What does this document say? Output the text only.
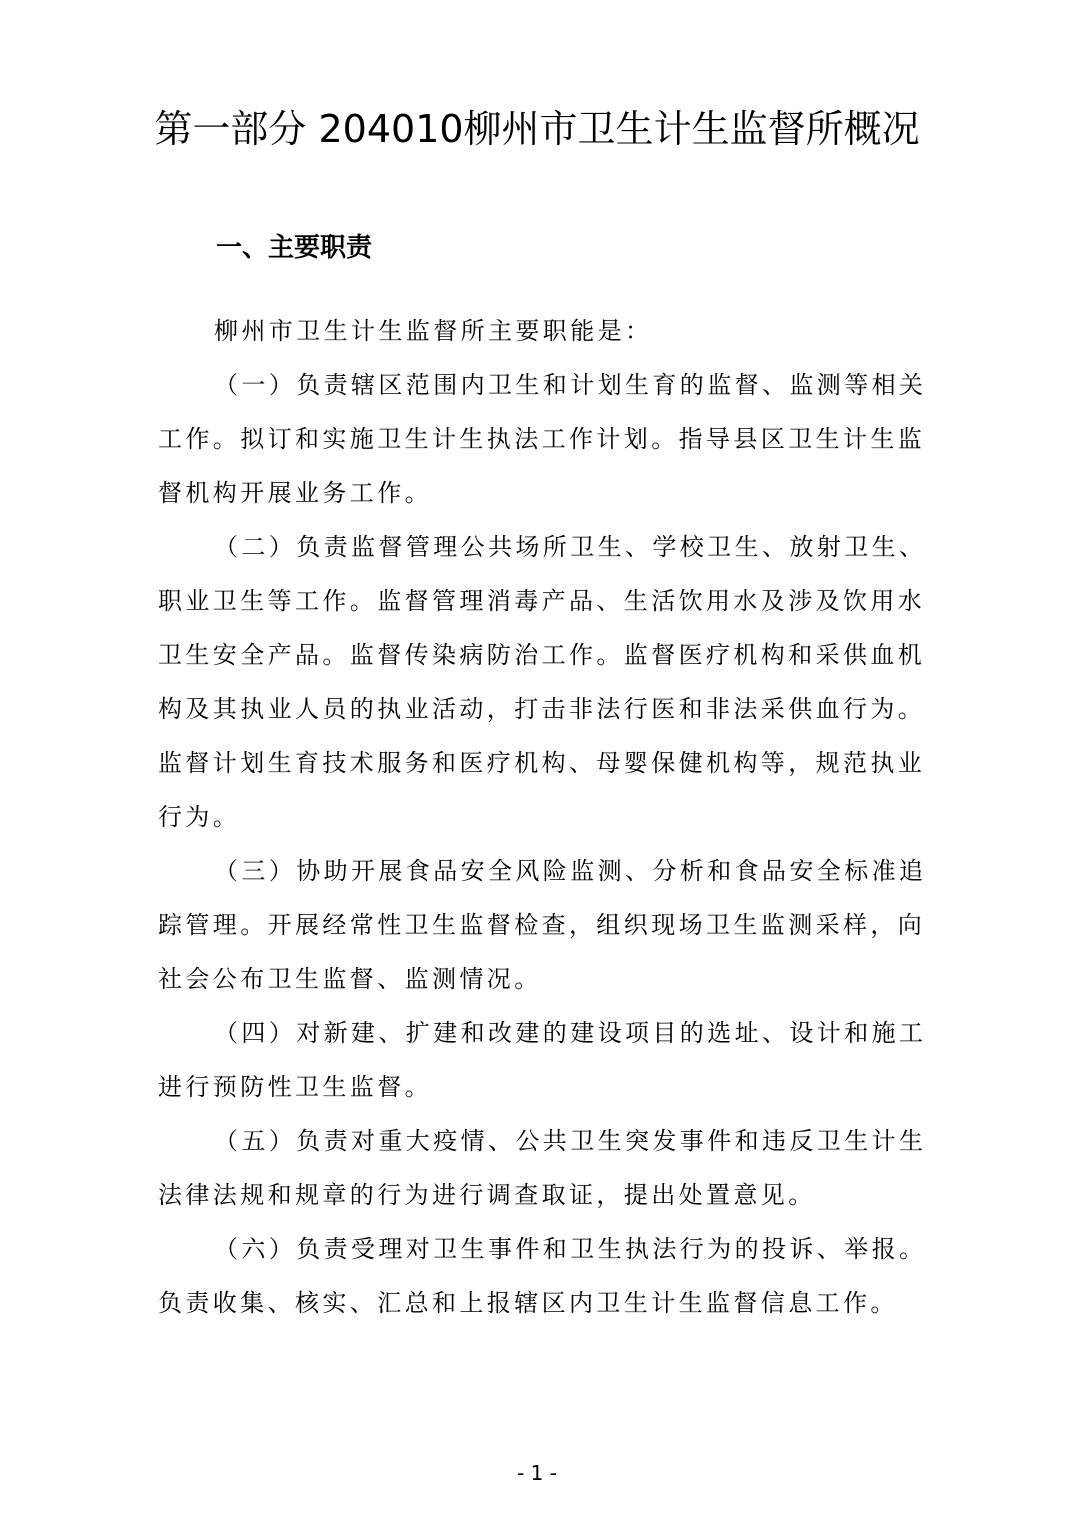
第一部分 204010柳州市卫生计生监督所概况
一、主要职责

柳州市卫生计生监督所主要职能是：

（一）负责辖区范围内卫生和计划生育的监督、监测等相关
工作。拟订和实施卫生计生执法工作计划。指导县区卫生计生监
督机构开展业务工作。

（二）负责监督管理公共场所卫生、学校卫生、放射卫生、
职业卫生等工作。监督管理消毒产品、生活饮用水及涉及饮用水
卫生安全产品。监督传染病防治工作。监督医疗机构和采供血机
构及其执业人员的执业活动，打击非法行医和非法采供血行为。
监督计划生育技术服务和医疗机构、母婴保健机构等，规范执业
行为。

（三）协助开展食品安全风险监测、分析和食品安全标准追
踪管理。开展经常性卫生监督检查，组织现场卫生监测采样，向
社会公布卫生监督、监测情况。

（四）对新建、扩建和改建的建设项目的选址、设计和施工
进行预防性卫生监督。

（五）负责对重大疫情、公共卫生突发事件和违反卫生计生
法律法规和规章的行为进行调查取证，提出处置意见。

（六）负责受理对卫生事件和卫生执法行为的投诉、举报。
负责收集、核实、汇总和上报辖区内卫生计生监督信息工作。

- 1 -
